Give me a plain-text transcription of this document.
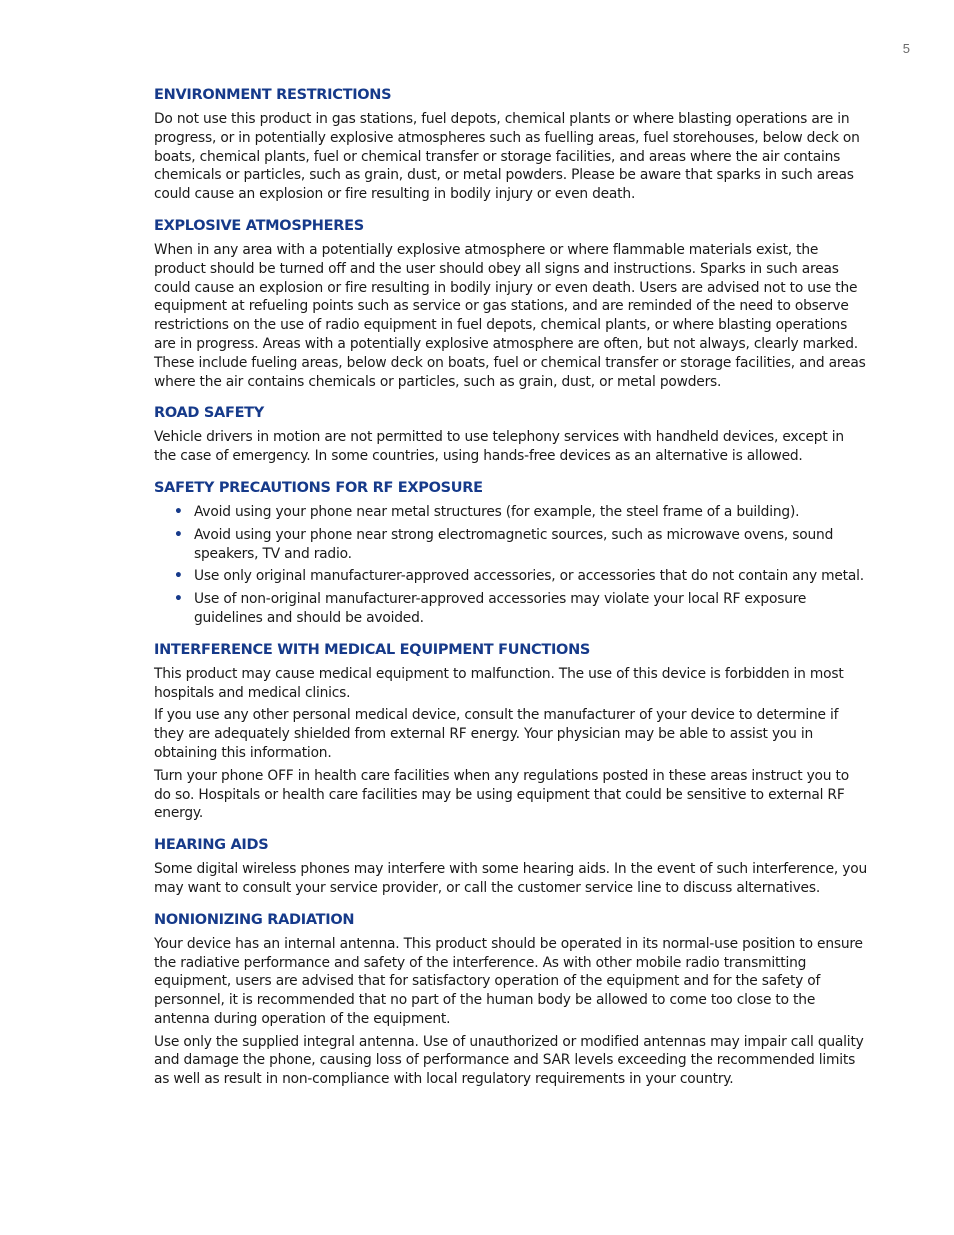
5
ENVIRONMENT RESTRICTIONS

Do not use this product in gas stations, fuel depots, chemical plants or where blasting operations are in progress, or in potentially explosive atmospheres such as fuelling areas, fuel storehouses, below deck on boats, chemical plants, fuel or chemical transfer or storage facilities, and areas where the air contains chemicals or particles, such as grain, dust, or metal powders. Please be aware that sparks in such areas could cause an explosion or fire resulting in bodily injury or even death.

EXPLOSIVE ATMOSPHERES

When in any area with a potentially explosive atmosphere or where flammable materials exist, the product should be turned off and the user should obey all signs and instructions. Sparks in such areas could cause an explosion or fire resulting in bodily injury or even death. Users are advised not to use the equipment at refueling points such as service or gas stations, and are reminded of the need to observe restrictions on the use of radio equipment in fuel depots, chemical plants, or where blasting operations are in progress. Areas with a potentially explosive atmosphere are often, but not always, clearly marked. These include fueling areas, below deck on boats, fuel or chemical transfer or storage facilities, and areas where the air contains chemicals or particles, such as grain, dust, or metal powders.

ROAD SAFETY

Vehicle drivers in motion are not permitted to use telephony services with handheld devices, except in the case of emergency. In some countries, using hands-free devices as an alternative is allowed.

SAFETY PRECAUTIONS FOR RF EXPOSURE
• Avoid using your phone near metal structures (for example, the steel frame of a building).
• Avoid using your phone near strong electromagnetic sources, such as microwave ovens, sound speakers, TV and radio.
• Use only original manufacturer-approved accessories, or accessories that do not contain any metal.
• Use of non-original manufacturer-approved accessories may violate your local RF exposure guidelines and should be avoided.
INTERFERENCE WITH MEDICAL EQUIPMENT FUNCTIONS

This product may cause medical equipment to malfunction. The use of this device is forbidden in most hospitals and medical clinics.

If you use any other personal medical device, consult the manufacturer of your device to determine if they are adequately shielded from external RF energy. Your physician may be able to assist you in obtaining this information.

Turn your phone OFF in health care facilities when any regulations posted in these areas instruct you to do so. Hospitals or health care facilities may be using equipment that could be sensitive to external RF energy.

HEARING AIDS

Some digital wireless phones may interfere with some hearing aids. In the event of such interference, you may want to consult your service provider, or call the customer service line to discuss alternatives.

NONIONIZING RADIATION

Your device has an internal antenna. This product should be operated in its normal-use position to ensure the radiative performance and safety of the interference. As with other mobile radio transmitting equipment, users are advised that for satisfactory operation of the equipment and for the safety of personnel, it is recommended that no part of the human body be allowed to come too close to the antenna during operation of the equipment.

Use only the supplied integral antenna. Use of unauthorized or modified antennas may impair call quality and damage the phone, causing loss of performance and SAR levels exceeding the recommended limits as well as result in non-compliance with local regulatory requirements in your country.
